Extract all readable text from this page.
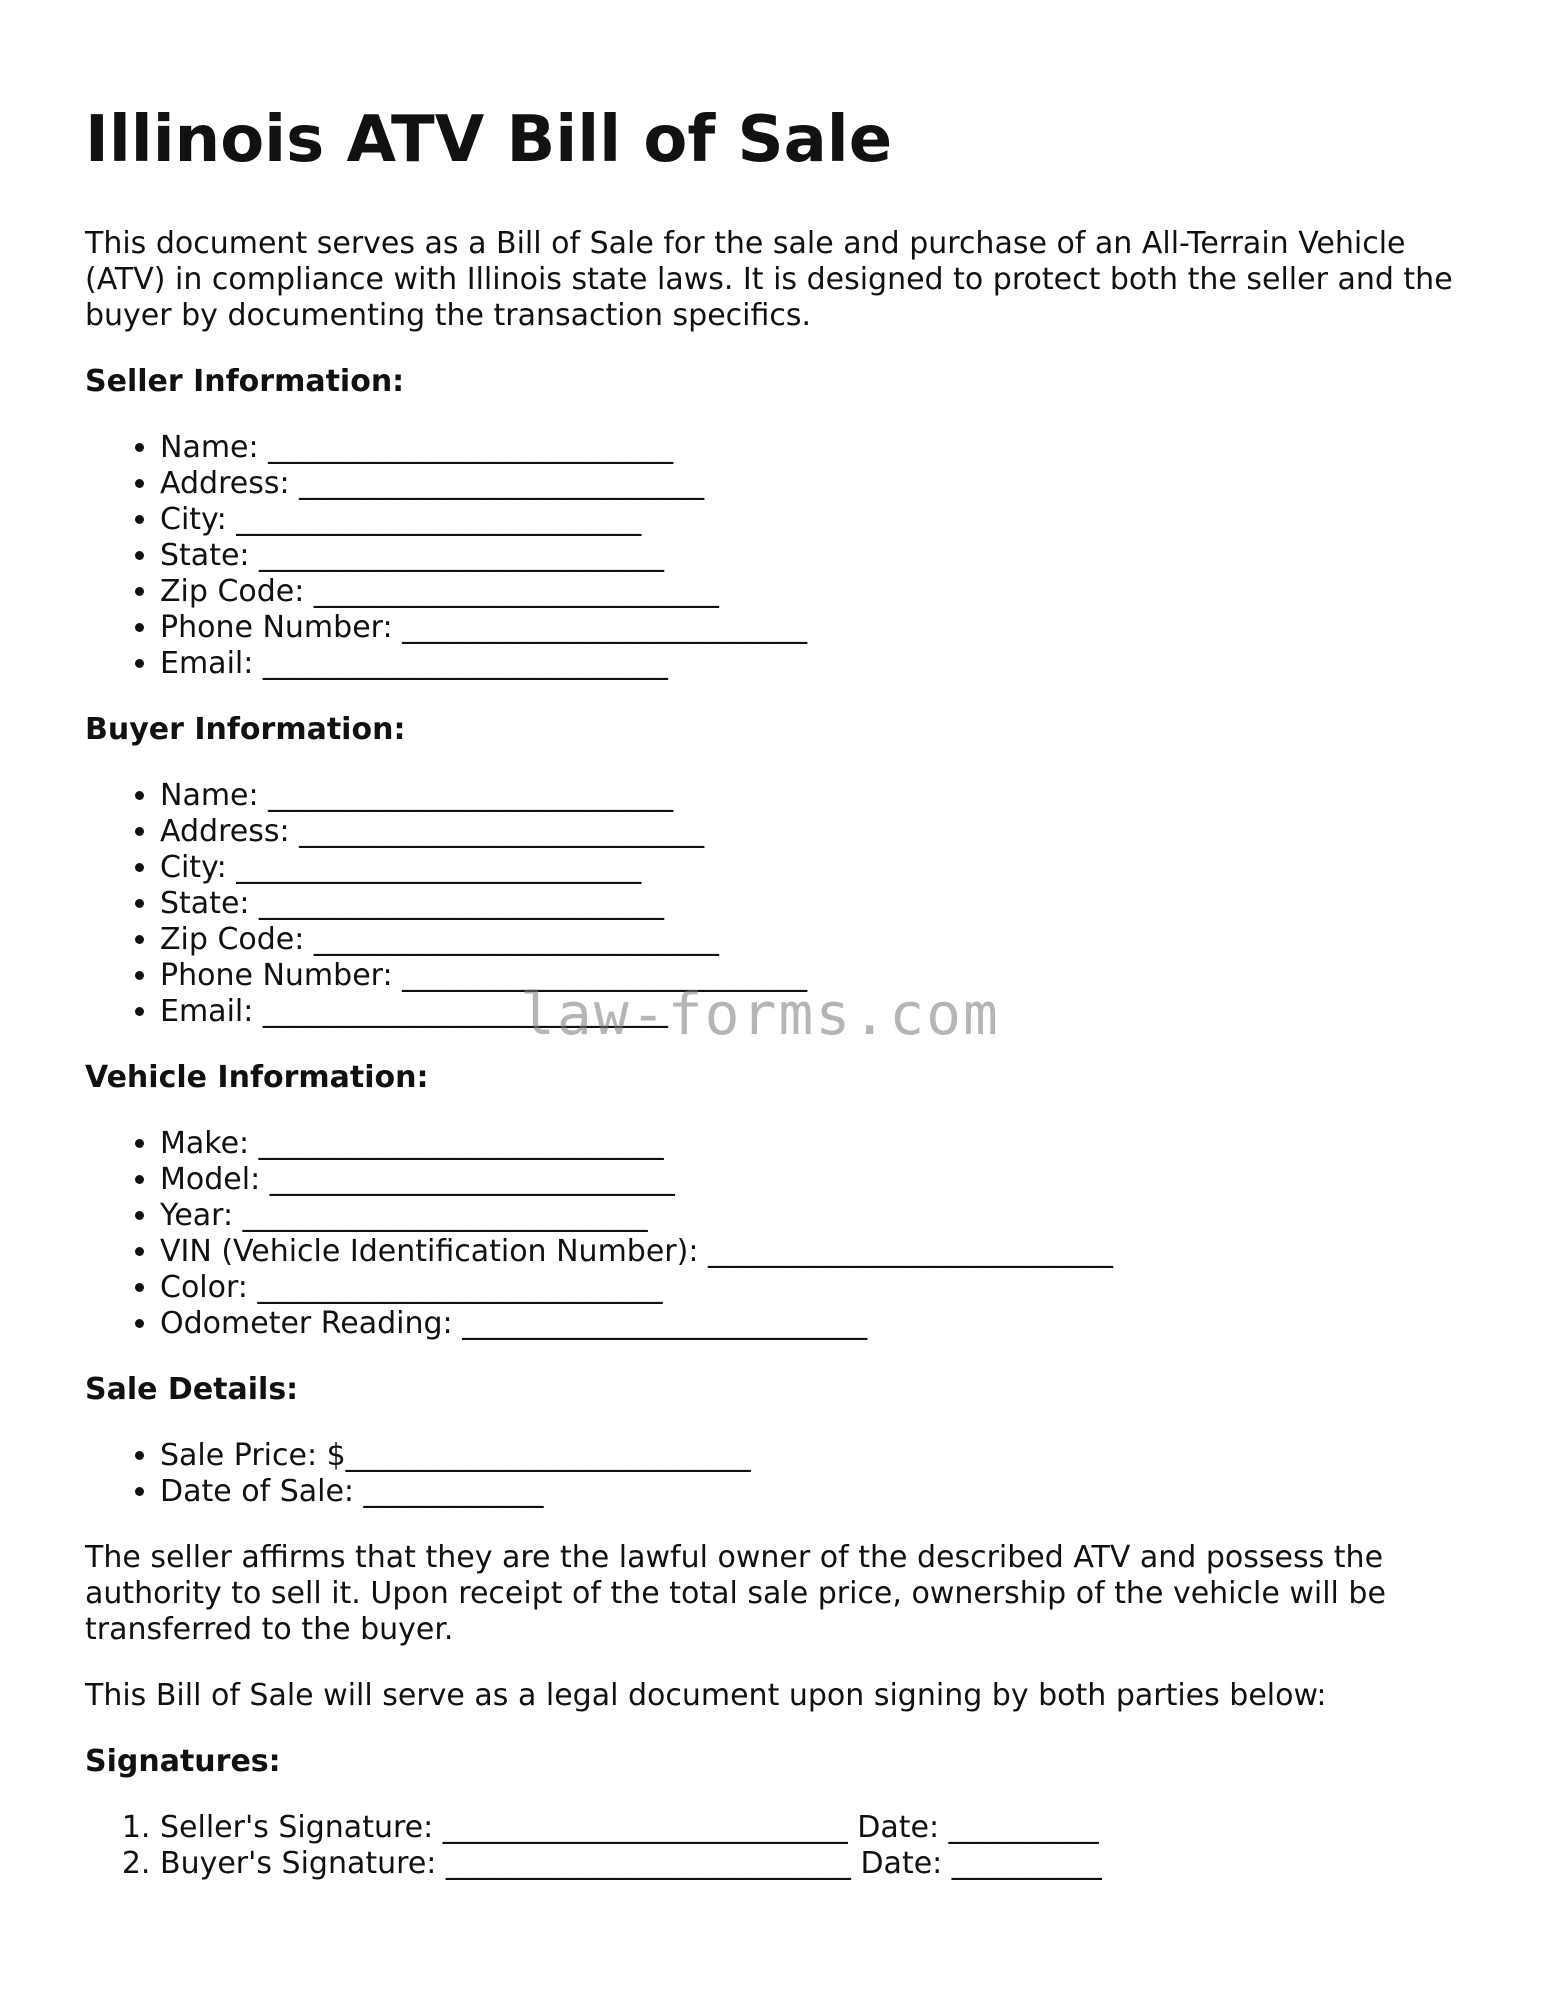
Illinois ATV Bill of Sale

This document serves as a Bill of Sale for the sale and purchase of an All-Terrain Vehicle (ATV) in compliance with Illinois state laws. It is designed to protect both the seller and the buyer by documenting the transaction specifics.

Seller Information:
• Name: ___________________________
• Address: ___________________________
• City: ___________________________
• State: ___________________________
• Zip Code: ___________________________
• Phone Number: ___________________________
• Email: ___________________________
Buyer Information:
• Name: ___________________________
• Address: ___________________________
• City: ___________________________
• State: ___________________________
• Zip Code: ___________________________
• Phone Number: ___________________________
• Email: ___________________________
Vehicle Information:
• Make: ___________________________
• Model: ___________________________
• Year: ___________________________
• VIN (Vehicle Identification Number): ___________________________
• Color: ___________________________
• Odometer Reading: ___________________________
Sale Details:
• Sale Price: $___________________________
• Date of Sale: ____________

The seller affirms that they are the lawful owner of the described ATV and possess the authority to sell it. Upon receipt of the total sale price, ownership of the vehicle will be transferred to the buyer.

This Bill of Sale will serve as a legal document upon signing by both parties below:

Signatures:
1. Seller's Signature: ___________________________ Date: __________
2. Buyer's Signature: ___________________________ Date: __________
law-forms.com
